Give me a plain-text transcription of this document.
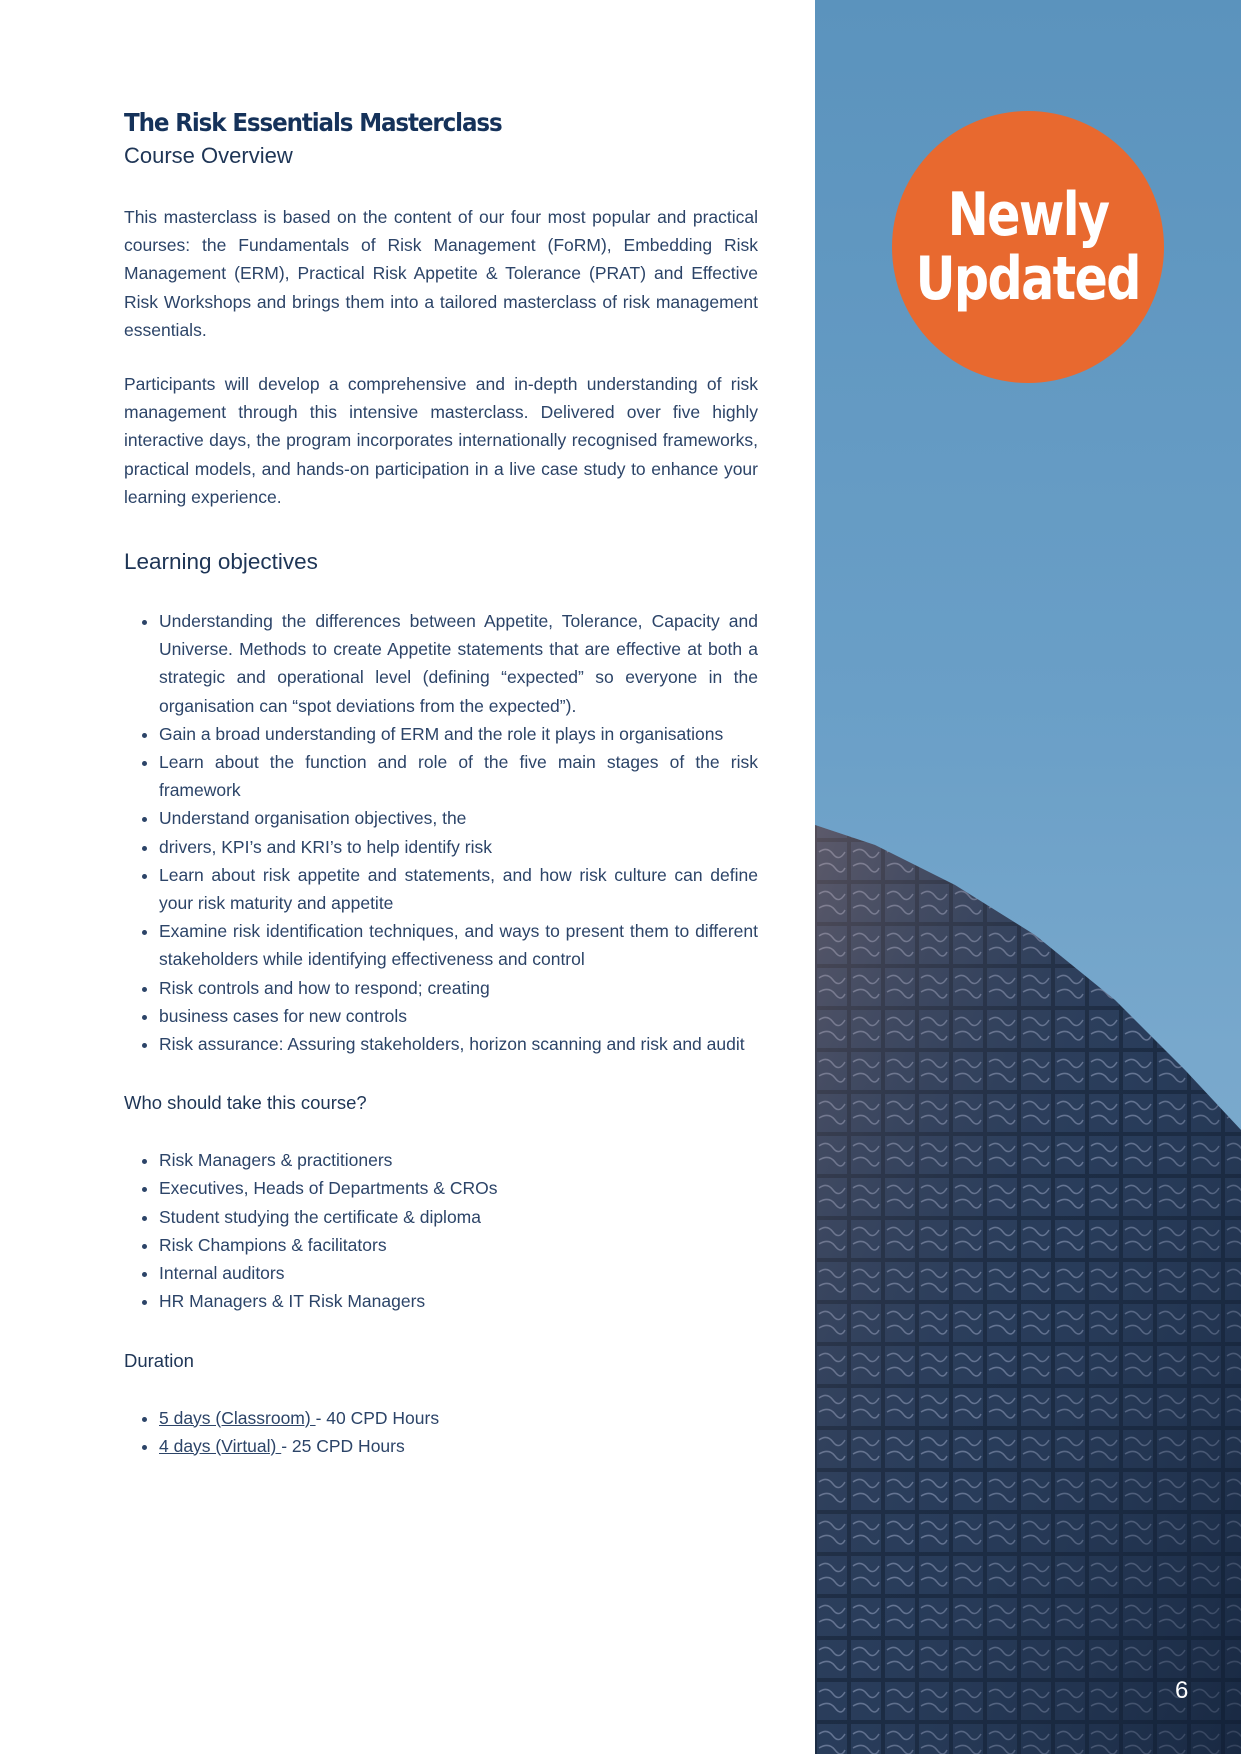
The Risk Essentials Masterclass
Course Overview

This masterclass is based on the content of our four most popular and practical courses: the Fundamentals of Risk Management (FoRM), Embedding Risk Management (ERM), Practical Risk Appetite & Tolerance (PRAT) and Effective Risk Workshops and brings them into a tailored masterclass of risk management essentials.

Participants will develop a comprehensive and in-depth understanding of risk management through this intensive masterclass. Delivered over five highly interactive days, the program incorporates internationally recognised frameworks, practical models, and hands-on participation in a live case study to enhance your learning experience.

Learning objectives
• Understanding the differences between Appetite, Tolerance, Capacity and Universe. Methods to create Appetite statements that are effective at both a strategic and operational level (defining “expected” so everyone in the organisation can “spot deviations from the expected”).
• Gain a broad understanding of ERM and the role it plays in organisations
• Learn about the function and role of the five main stages of the risk framework
• Understand organisation objectives, the
• drivers, KPI’s and KRI’s to help identify risk
• Learn about risk appetite and statements, and how risk culture can define your risk maturity and appetite
• Examine risk identification techniques, and ways to present them to different stakeholders while identifying effectiveness and control
• Risk controls and how to respond; creating
• business cases for new controls
• Risk assurance: Assuring stakeholders, horizon scanning and risk and audit
Who should take this course?
• Risk Managers & practitioners
• Executives, Heads of Departments & CROs
• Student studying the certificate & diploma
• Risk Champions & facilitators
• Internal auditors
• HR Managers & IT Risk Managers
Duration
• 5 days (Classroom) - 40 CPD Hours
• 4 days (Virtual) - 25 CPD Hours
Newly
Updated
6
